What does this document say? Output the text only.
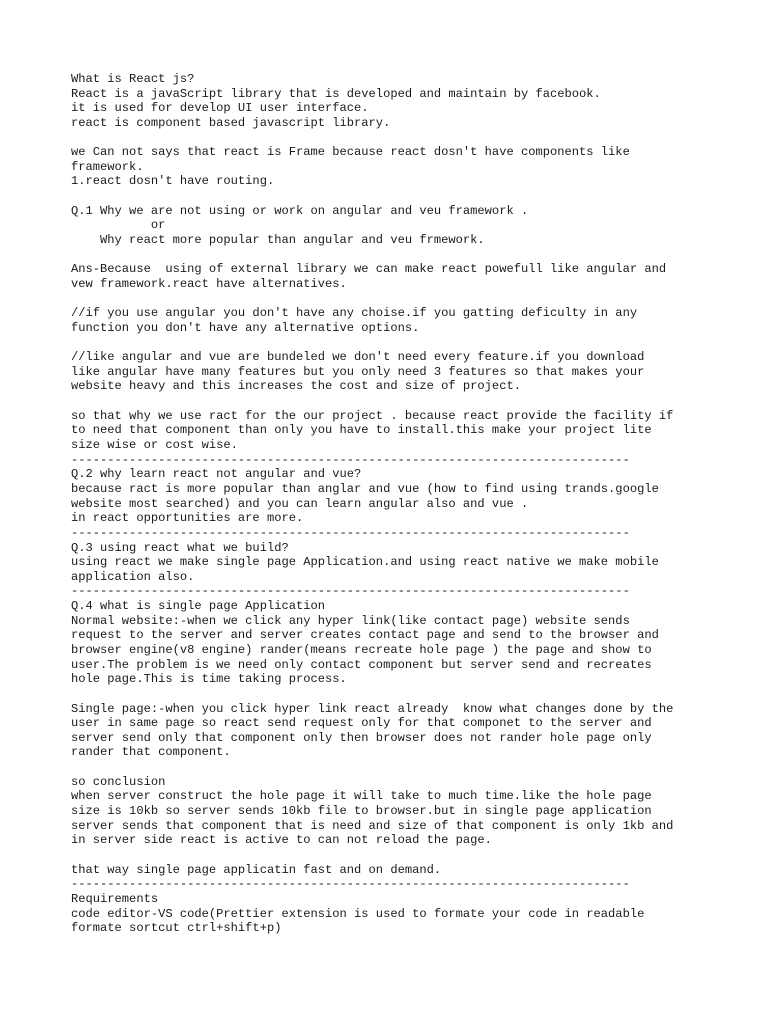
What is React js?
React is a javaScript library that is developed and maintain by facebook.
it is used for develop UI user interface.
react is component based javascript library.
we Can not says that react is Frame because react dosn't have components like
framework.
1.react dosn't have routing.
Q.1 Why we are not using or work on angular and veu framework .
or
Why react more popular than angular and veu frmework.
Ans-Because  using of external library we can make react powefull like angular and
vew framework.react have alternatives.
//if you use angular you don't have any choise.if you gatting deficulty in any
function you don't have any alternative options.
//like angular and vue are bundeled we don't need every feature.if you download
like angular have many features but you only need 3 features so that makes your
website heavy and this increases the cost and size of project.
so that why we use ract for the our project . because react provide the facility if
to need that component than only you have to install.this make your project lite
size wise or cost wise.
-----------------------------------------------------------------------------
Q.2 why learn react not angular and vue?
because ract is more popular than anglar and vue (how to find using trands.google
website most searched) and you can learn angular also and vue .
in react opportunities are more.
-----------------------------------------------------------------------------
Q.3 using react what we build?
using react we make single page Application.and using react native we make mobile
application also.
-----------------------------------------------------------------------------
Q.4 what is single page Application
Normal website:-when we click any hyper link(like contact page) website sends
request to the server and server creates contact page and send to the browser and
browser engine(v8 engine) rander(means recreate hole page ) the page and show to
user.The problem is we need only contact component but server send and recreates
hole page.This is time taking process.
Single page:-when you click hyper link react already  know what changes done by the
user in same page so react send request only for that componet to the server and
server send only that component only then browser does not rander hole page only
rander that component.
so conclusion
when server construct the hole page it will take to much time.like the hole page
size is 10kb so server sends 10kb file to browser.but in single page application
server sends that component that is need and size of that component is only 1kb and
in server side react is active to can not reload the page.
that way single page applicatin fast and on demand.
-----------------------------------------------------------------------------
Requirements
code editor-VS code(Prettier extension is used to formate your code in readable
formate sortcut ctrl+shift+p)
